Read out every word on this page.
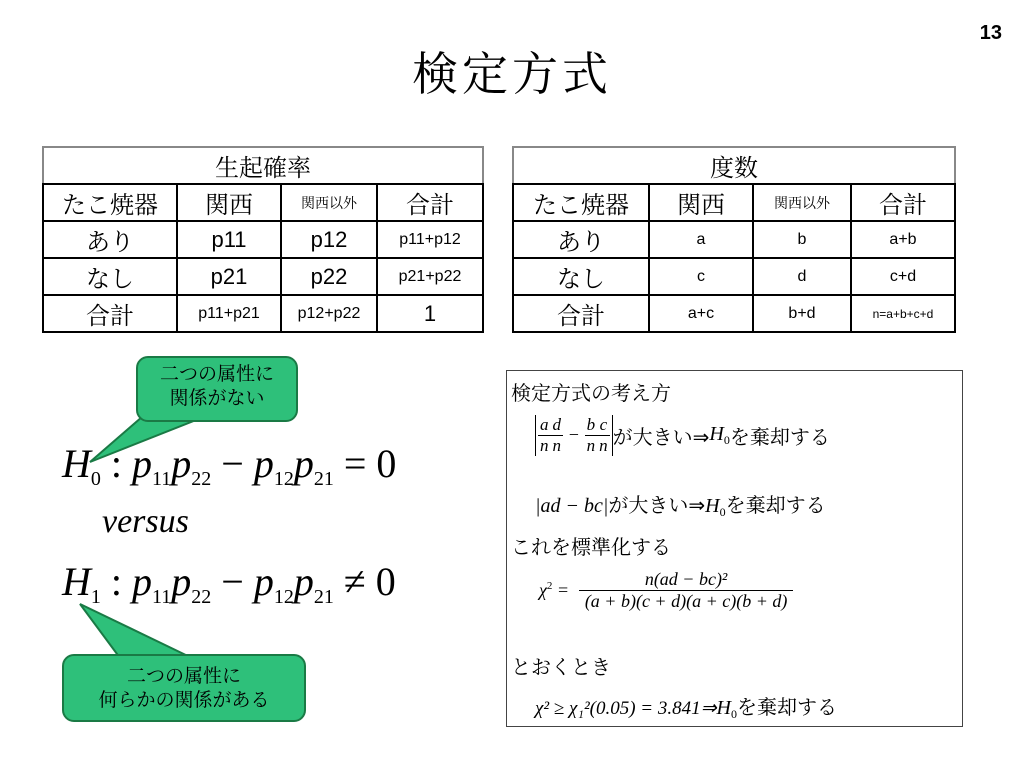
13
検定方式
生起確率			
たこ焼器	関西	関西以外	合計
あり	p11	p12	p11+p12
なし	p21	p22	p21+p22
合計	p11+p21	p12+p22	1
度数			
たこ焼器	関西	関西以外	合計
あり	a	b	a+b
なし	c	d	c+d
合計	a+c	b+d	n=a+b+c+d
二つの属性に
関係がない
二つの属性に
何らかの関係がある
$H_0$ : $p_{11}p_{22} - p_{12}p_{21} = 0$
versus
$H_1$ : $p_{11}p_{22} - p_{12}p_{21} \ne 0$
検定方式の考え方
$\frac{a}{n} \frac{d}{n} - \frac{b}{n} \frac{c}{n}$ が大きい$\Rightarrow H_0$を棄却する
|ad − bc|が大きい$\Rightarrow H_0$を棄却する
これを標準化する
$\chi^2 = \frac{\text{n(ad − bc)²}}{(a + b)(c + d)(a + c)(b + d)}$
とおくとき
$\chi^2 \ge \chi_1^2(0.05) = 3.841\Rightarrow H_0$を棄却する
